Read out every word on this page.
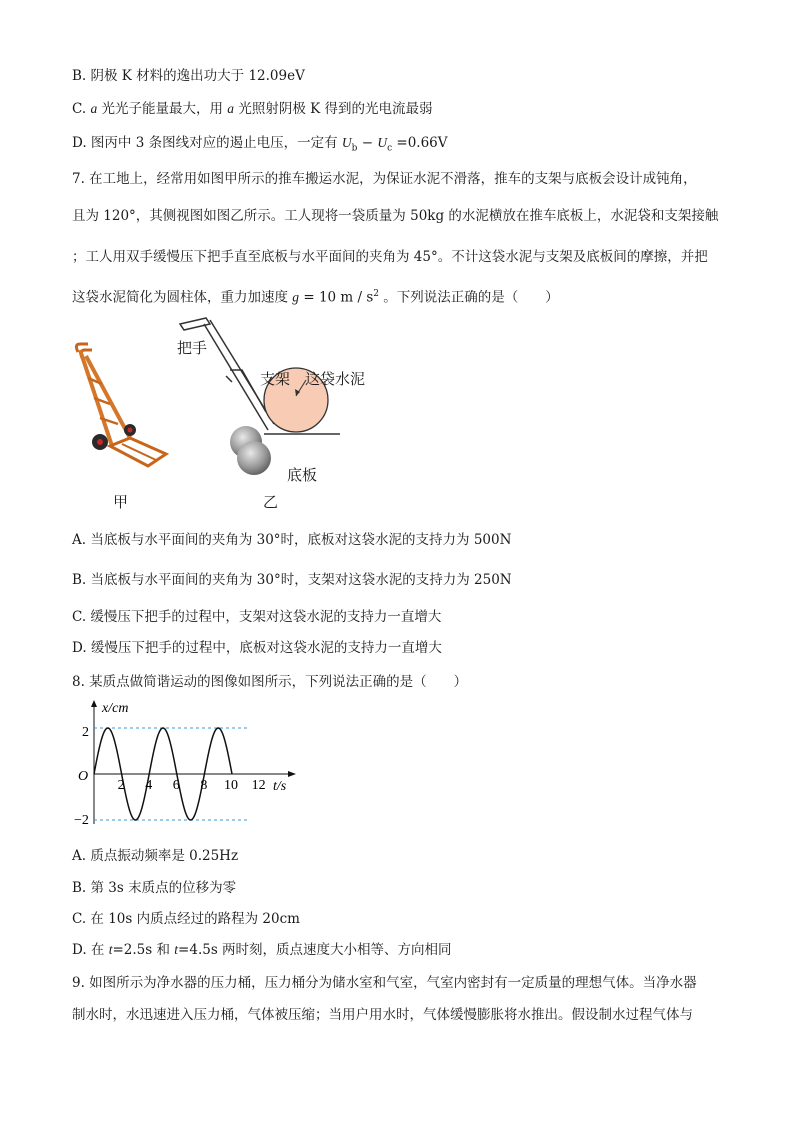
B. 阴极 K 材料的逸出功大于 12.09eV
C. a 光光子能量最大，用 a 光照射阴极 K 得到的光电流最弱
D. 图丙中 3 条图线对应的遏止电压，一定有 $U_b - U_c =0.66V$
7. 在工地上，经常用如图甲所示的推车搬运水泥，为保证水泥不滑落，推车的支架与底板会设计成钝角，
且为 120°，其侧视图如图乙所示。工人现将一袋质量为 50kg 的水泥横放在推车底板上，水泥袋和支架接触
；工人用双手缓慢压下把手直至底板与水平面间的夹角为 45°。不计这袋水泥与支架及底板间的摩擦，并把
这袋水泥简化为圆柱体，重力加速度 g = 10 m / $s^2$ 。下列说法正确的是（　　）
把手
支架 这袋水泥
底板
甲	乙
A. 当底板与水平面间的夹角为 30°时，底板对这袋水泥的支持力为 500N
B. 当底板与水平面间的夹角为 30°时，支架对这袋水泥的支持力为 250N
C. 缓慢压下把手的过程中，支架对这袋水泥的支持力一直增大
D. 缓慢压下把手的过程中，底板对这袋水泥的支持力一直增大
8. 某质点做简谐运动的图像如图所示，下列说法正确的是（　　）
x/cm
t/s
O
2
−2
2 4 6 8 10 12
A. 质点振动频率是 0.25Hz
B. 第 3s 末质点的位移为零
C. 在 10s 内质点经过的路程为 20cm
D. 在 t=2.5s 和 t=4.5s 两时刻，质点速度大小相等、方向相同
9. 如图所示为净水器的压力桶，压力桶分为储水室和气室，气室内密封有一定质量的理想气体。当净水器
制水时，水迅速进入压力桶，气体被压缩；当用户用水时，气体缓慢膨胀将水推出。假设制水过程气体与
